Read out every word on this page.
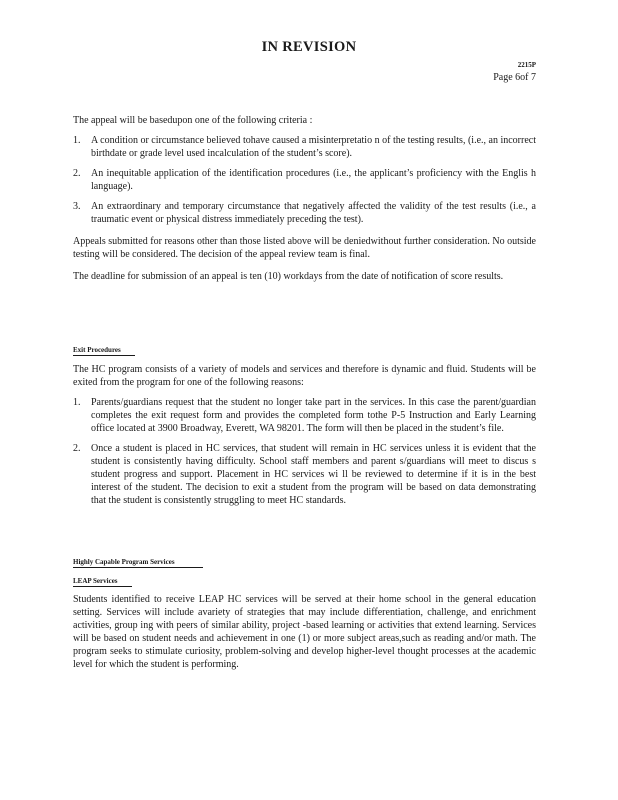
IN REVISION
2215P
Page 6of 7

The appeal will be basedupon one of the following criteria :

1. A condition or circumstance believed tohave caused a misinterpretatio n of the testing results, (i.e., an incorrect birthdate or grade level used incalculation of the student’s score).
2. An inequitable application of the identification procedures (i.e., the applicant’s proficiency with the Englis h language).
3. An extraordinary and temporary circumstance that negatively affected the validity of the test results (i.e., a traumatic event or physical distress immediately preceding the test).

Appeals submitted for reasons other than those listed above will be deniedwithout further consideration. No outside testing will be considered. The decision of the appeal review team is final.

The deadline for submission of an appeal is ten (10) workdays from the date of notification of score results.

Exit Procedures

The HC program consists of a variety of models and services and therefore is dynamic and fluid. Students will be exited from the program for one of the following reasons:

1. Parents/guardians request that the student no longer take part in the services. In this case the parent/guardian completes the exit request form and provides the completed form tothe P-5 Instruction and Early Learning office located at 3900 Broadway, Everett, WA 98201. The form will then be placed in the student’s file.
2. Once a student is placed in HC services, that student will remain in HC services unless it is evident that the student is consistently having difficulty. School staff members and parent s/guardians will meet to discus s student progress and support. Placement in HC services wi ll be reviewed to determine if it is in the best interest of the student. The decision to exit a student from the program will be based on data demonstrating that the student is consistently struggling to meet HC standards.
Highly Capable Program Services
LEAP Services

Students identified to receive LEAP HC services will be served at their home school in the general education setting. Services will include avariety of strategies that may include differentiation, challenge, and enrichment activities, group ing with peers of similar ability, project -based learning or activities that extend learning. Services will be based on student needs and achievement in one (1) or more subject areas,such as reading and/or math. The program seeks to stimulate curiosity, problem-solving and develop higher-level thought processes at the academic level for which the student is performing.
